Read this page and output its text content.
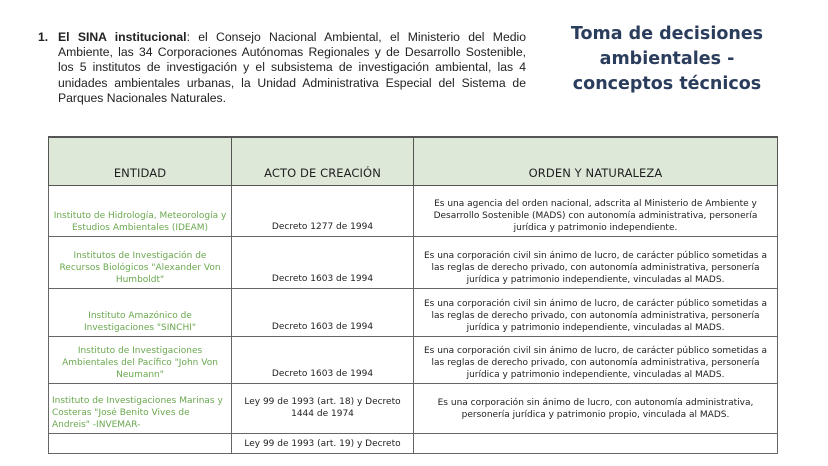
1. El SINA institucional: el Consejo Nacional Ambiental, el Ministerio del Medio Ambiente, las 34 Corporaciones Autónomas Regionales y de Desarrollo Sostenible, los 5 institutos de investigación y el subsistema de investigación ambiental, las 4 unidades ambientales urbanas, la Unidad Administrativa Especial del Sistema de Parques Nacionales Naturales.
Toma de decisiones ambientales - conceptos técnicos
ENTIDAD	ACTO DE CREACIÓN	ORDEN Y NATURALEZA
Instituto de Hidrología, Meteorología y Estudios Ambientales (IDEAM)	Decreto 1277 de 1994	Es una agencia del orden nacional, adscrita al Ministerio de Ambiente y Desarrollo Sostenible (MADS) con autonomía administrativa, personería jurídica y patrimonio independiente.
Institutos de Investigación de Recursos Biológicos "Alexander Von Humboldt"	Decreto 1603 de 1994	Es una corporación civil sin ánimo de lucro, de carácter público sometidas a las reglas de derecho privado, con autonomía administrativa, personería jurídica y patrimonio independiente, vinculadas al MADS.
Instituto Amazónico de Investigaciones "SINCHI"	Decreto 1603 de 1994	Es una corporación civil sin ánimo de lucro, de carácter público sometidas a las reglas de derecho privado, con autonomía administrativa, personería jurídica y patrimonio independiente, vinculadas al MADS.
Instituto de Investigaciones Ambientales del Pacífico "John Von Neumann"	Decreto 1603 de 1994	Es una corporación civil sin ánimo de lucro, de carácter público sometidas a las reglas de derecho privado, con autonomía administrativa, personería jurídica y patrimonio independiente, vinculadas al MADS.
Instituto de Investigaciones Marinas y Costeras "José Benito Vives de Andreis" -INVEMAR-	Ley 99 de 1993 (art. 18) y Decreto 1444 de 1974	Es una corporación sin ánimo de lucro, con autonomía administrativa, personería jurídica y patrimonio propio, vinculada al MADS.
	Ley 99 de 1993 (art. 19) y Decreto	
